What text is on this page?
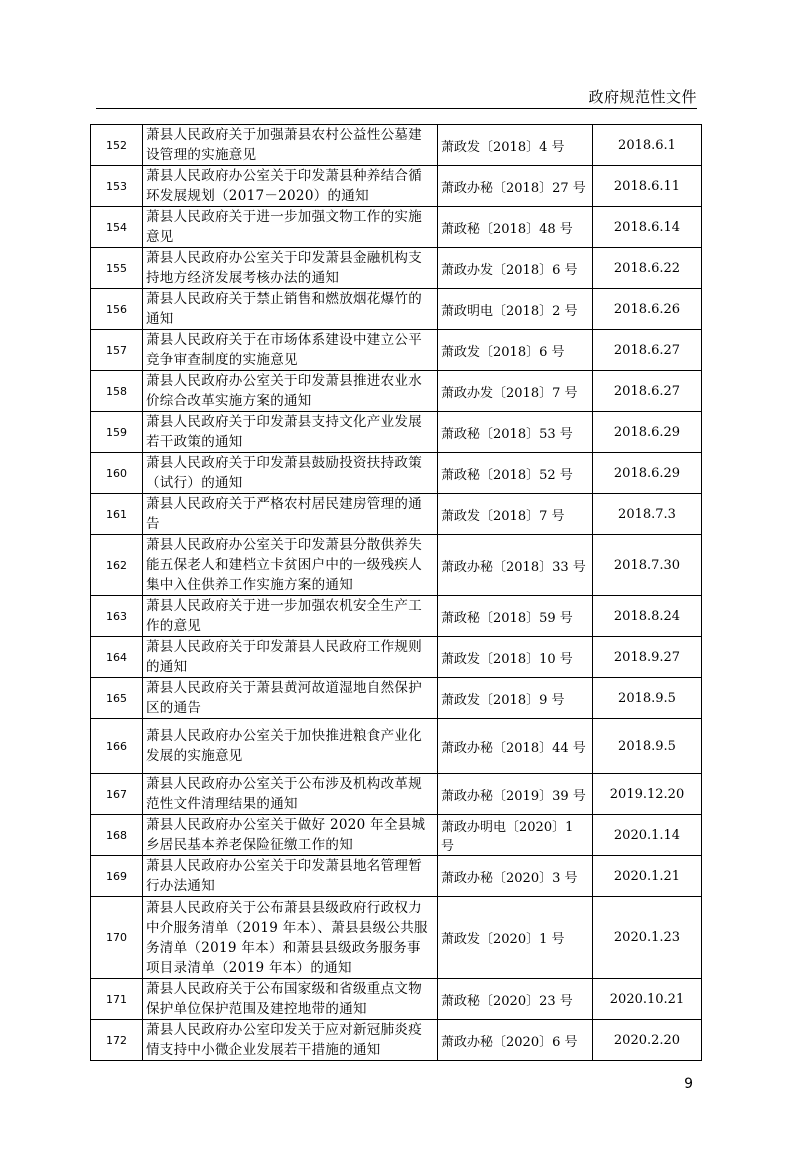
政府规范性文件
152	萧县人民政府关于加强萧县农村公益性公墓建设管理的实施意见	萧政发〔2018〕4 号	2018.6.1
153	萧县人民政府办公室关于印发萧县种养结合循环发展规划（2017－2020）的通知	萧政办秘〔2018〕27 号	2018.6.11
154	萧县人民政府关于进一步加强文物工作的实施意见	萧政秘〔2018〕48 号	2018.6.14
155	萧县人民政府办公室关于印发萧县金融机构支持地方经济发展考核办法的通知	萧政办发〔2018〕6 号	2018.6.22
156	萧县人民政府关于禁止销售和燃放烟花爆竹的通知	萧政明电〔2018〕2 号	2018.6.26
157	萧县人民政府关于在市场体系建设中建立公平竞争审查制度的实施意见	萧政发〔2018〕6 号	2018.6.27
158	萧县人民政府办公室关于印发萧县推进农业水价综合改革实施方案的通知	萧政办发〔2018〕7 号	2018.6.27
159	萧县人民政府关于印发萧县支持文化产业发展若干政策的通知	萧政秘〔2018〕53 号	2018.6.29
160	萧县人民政府关于印发萧县鼓励投资扶持政策（试行）的通知	萧政秘〔2018〕52 号	2018.6.29
161	萧县人民政府关于严格农村居民建房管理的通告	萧政发〔2018〕7 号	2018.7.3
162	萧县人民政府办公室关于印发萧县分散供养失能五保老人和建档立卡贫困户中的一级残疾人集中入住供养工作实施方案的通知	萧政办秘〔2018〕33 号	2018.7.30
163	萧县人民政府关于进一步加强农机安全生产工作的意见	萧政秘〔2018〕59 号	2018.8.24
164	萧县人民政府关于印发萧县人民政府工作规则的通知	萧政发〔2018〕10 号	2018.9.27
165	萧县人民政府关于萧县黄河故道湿地自然保护区的通告	萧政发〔2018〕9 号	2018.9.5
166	萧县人民政府办公室关于加快推进粮食产业化发展的实施意见	萧政办秘〔2018〕44 号	2018.9.5
167	萧县人民政府办公室关于公布涉及机构改革规范性文件清理结果的通知	萧政办秘〔2019〕39 号	2019.12.20
168	萧县人民政府办公室关于做好 2020 年全县城乡居民基本养老保险征缴工作的知	萧政办明电〔2020〕1 号	2020.1.14
169	萧县人民政府办公室关于印发萧县地名管理暂行办法通知	萧政办秘〔2020〕3 号	2020.1.21
170	萧县人民政府关于公布萧县县级政府行政权力中介服务清单（2019 年本）、萧县县级公共服务清单（2019 年本）和萧县县级政务服务事项目录清单（2019 年本）的通知	萧政发〔2020〕1 号	2020.1.23
171	萧县人民政府关于公布国家级和省级重点文物保护单位保护范围及建控地带的通知	萧政秘〔2020〕23 号	2020.10.21
172	萧县人民政府办公室印发关于应对新冠肺炎疫情支持中小微企业发展若干措施的通知	萧政办秘〔2020〕6 号	2020.2.20
9
